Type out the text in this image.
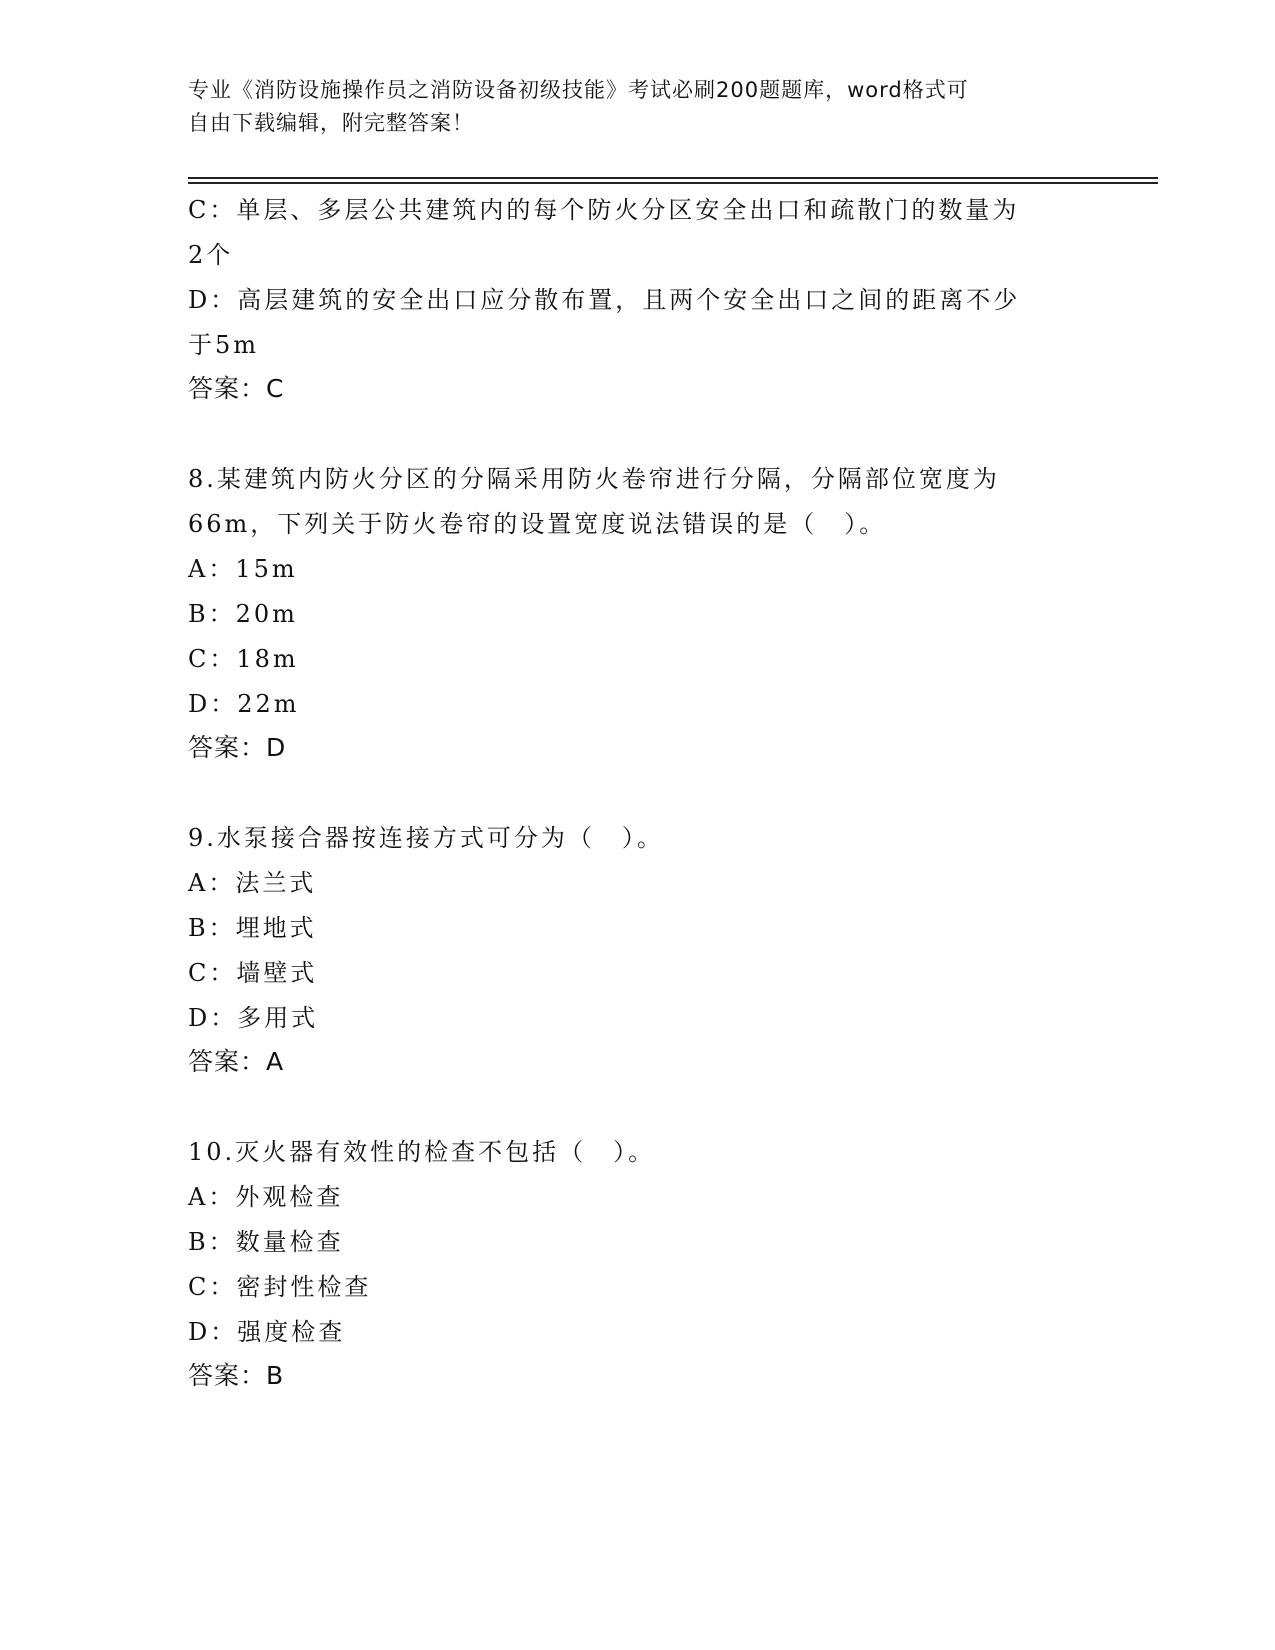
专业《消防设施操作员之消防设备初级技能》考试必刷200题题库，word格式可
自由下载编辑，附完整答案！
C：单层、多层公共建筑内的每个防火分区安全出口和疏散门的数量为
2个
D：高层建筑的安全出口应分散布置，且两个安全出口之间的距离不少
于5m
答案：C
8.某建筑内防火分区的分隔采用防火卷帘进行分隔，分隔部位宽度为
66m，下列关于防火卷帘的设置宽度说法错误的是（　）。
A：15m
B：20m
C：18m
D：22m
答案：D
9.水泵接合器按连接方式可分为（　）。
A：法兰式
B：埋地式
C：墙壁式
D：多用式
答案：A
10.灭火器有效性的检查不包括（　）。
A：外观检查
B：数量检查
C：密封性检查
D：强度检查
答案：B
